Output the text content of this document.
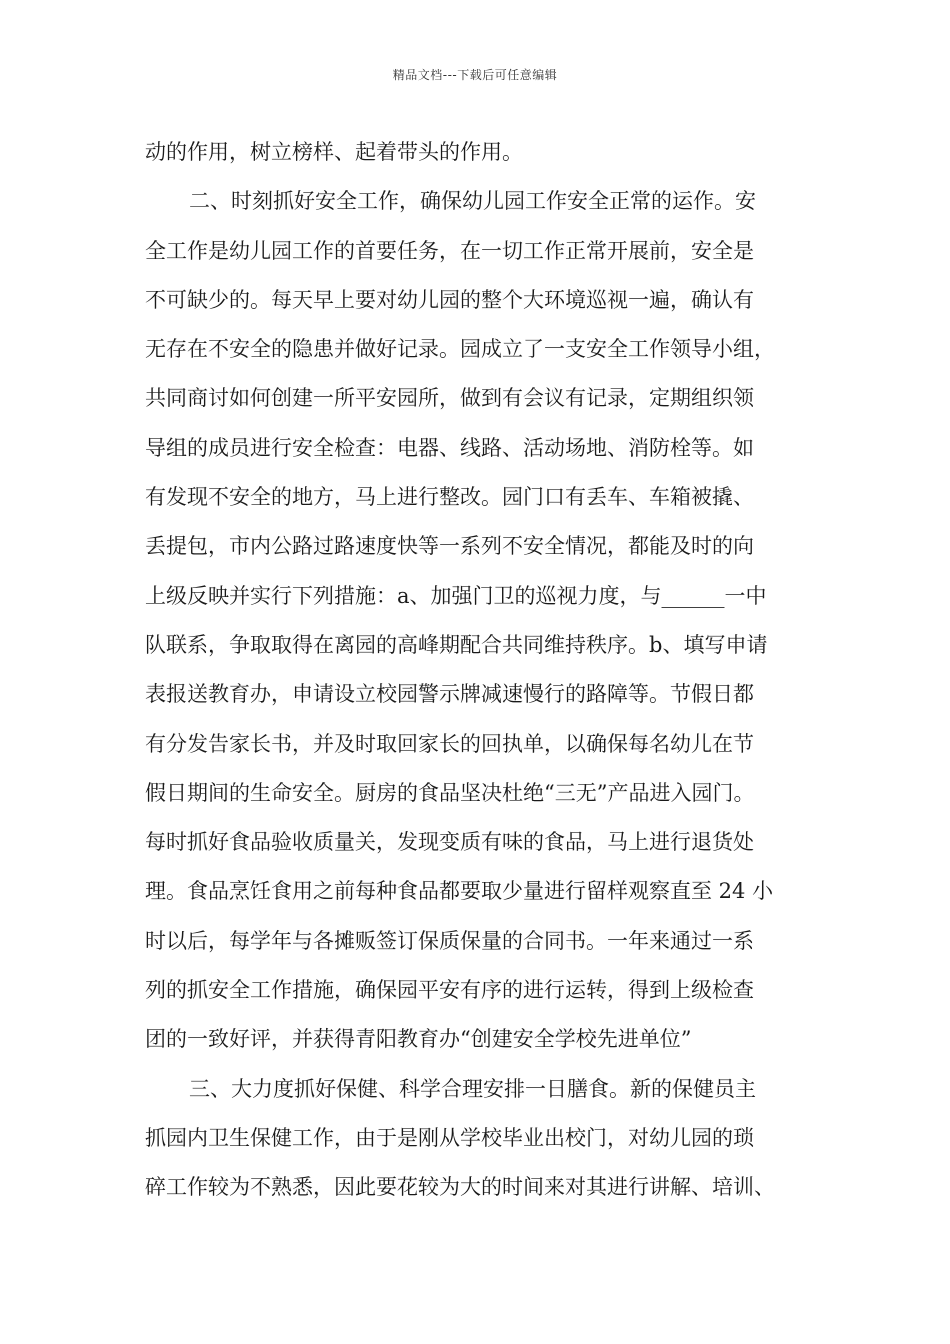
精品文档---下载后可任意编辑
动的作用，树立榜样、起着带头的作用。
二、时刻抓好安全工作，确保幼儿园工作安全正常的运作。安
全工作是幼儿园工作的首要任务，在一切工作正常开展前，安全是
不可缺少的。每天早上要对幼儿园的整个大环境巡视一遍，确认有
无存在不安全的隐患并做好记录。园成立了一支安全工作领导小组，
共同商讨如何创建一所平安园所，做到有会议有记录，定期组织领
导组的成员进行安全检查：电器、线路、活动场地、消防栓等。如
有发现不安全的地方，马上进行整改。园门口有丢车、车箱被撬、
丢提包，市内公路过路速度快等一系列不安全情况，都能及时的向
上级反映并实行下列措施：a、加强门卫的巡视力度，与______一中
队联系，争取取得在离园的高峰期配合共同维持秩序。b、填写申请
表报送教育办，申请设立校园警示牌减速慢行的路障等。节假日都
有分发告家长书，并及时取回家长的回执单，以确保每名幼儿在节
假日期间的生命安全。厨房的食品坚决杜绝“三无”产品进入园门。
每时抓好食品验收质量关，发现变质有味的食品，马上进行退货处
理。食品烹饪食用之前每种食品都要取少量进行留样观察直至 24 小
时以后，每学年与各摊贩签订保质保量的合同书。一年来通过一系
列的抓安全工作措施，确保园平安有序的进行运转，得到上级检查
团的一致好评，并获得青阳教育办“创建安全学校先进单位”
三、大力度抓好保健、科学合理安排一日膳食。新的保健员主
抓园内卫生保健工作，由于是刚从学校毕业出校门，对幼儿园的琐
碎工作较为不熟悉，因此要花较为大的时间来对其进行讲解、培训、
